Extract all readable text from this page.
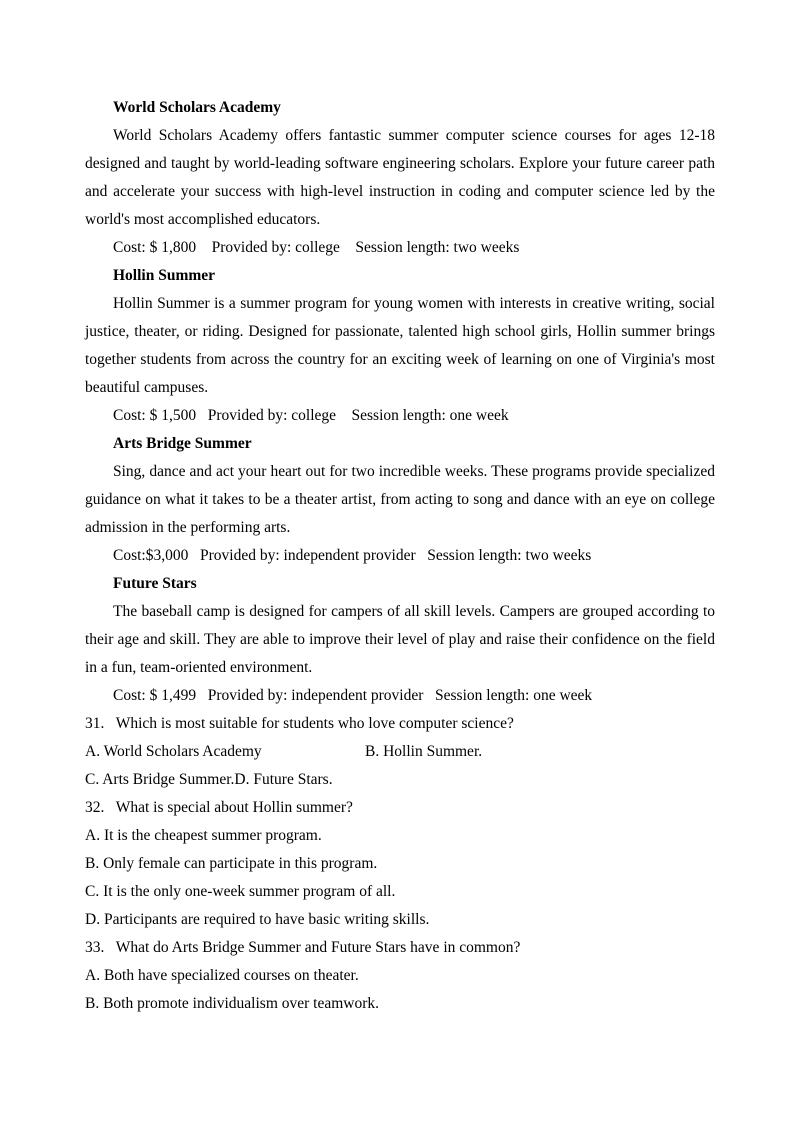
World Scholars Academy

World Scholars Academy offers fantastic summer computer science courses for ages 12-18 designed and taught by world-leading software engineering scholars. Explore your future career path and accelerate your success with high-level instruction in coding and computer science led by the world's most accomplished educators.

Cost: $ 1,800    Provided by: college    Session length: two weeks

Hollin Summer

Hollin Summer is a summer program for young women with interests in creative writing, social justice, theater, or riding. Designed for passionate, talented high school girls, Hollin summer brings together students from across the country for an exciting week of learning on one of Virginia's most beautiful campuses.

Cost: $ 1,500   Provided by: college    Session length: one week

Arts Bridge Summer

Sing, dance and act your heart out for two incredible weeks. These programs provide specialized guidance on what it takes to be a theater artist, from acting to song and dance with an eye on college admission in the performing arts.

Cost:$3,000   Provided by: independent provider   Session length: two weeks

Future Stars

The baseball camp is designed for campers of all skill levels. Campers are grouped according to their age and skill. They are able to improve their level of play and raise their confidence on the field in a fun, team-oriented environment.

Cost: $ 1,499   Provided by: independent provider   Session length: one week

31.   Which is most suitable for students who love computer science?

A. World Scholars Academy	B. Hollin Summer.

C. Arts Bridge Summer.D. Future Stars.

32.   What is special about Hollin summer?

A. It is the cheapest summer program.

B. Only female can participate in this program.

C. It is the only one-week summer program of all.

D. Participants are required to have basic writing skills.

33.   What do Arts Bridge Summer and Future Stars have in common?

A. Both have specialized courses on theater.

B. Both promote individualism over teamwork.
